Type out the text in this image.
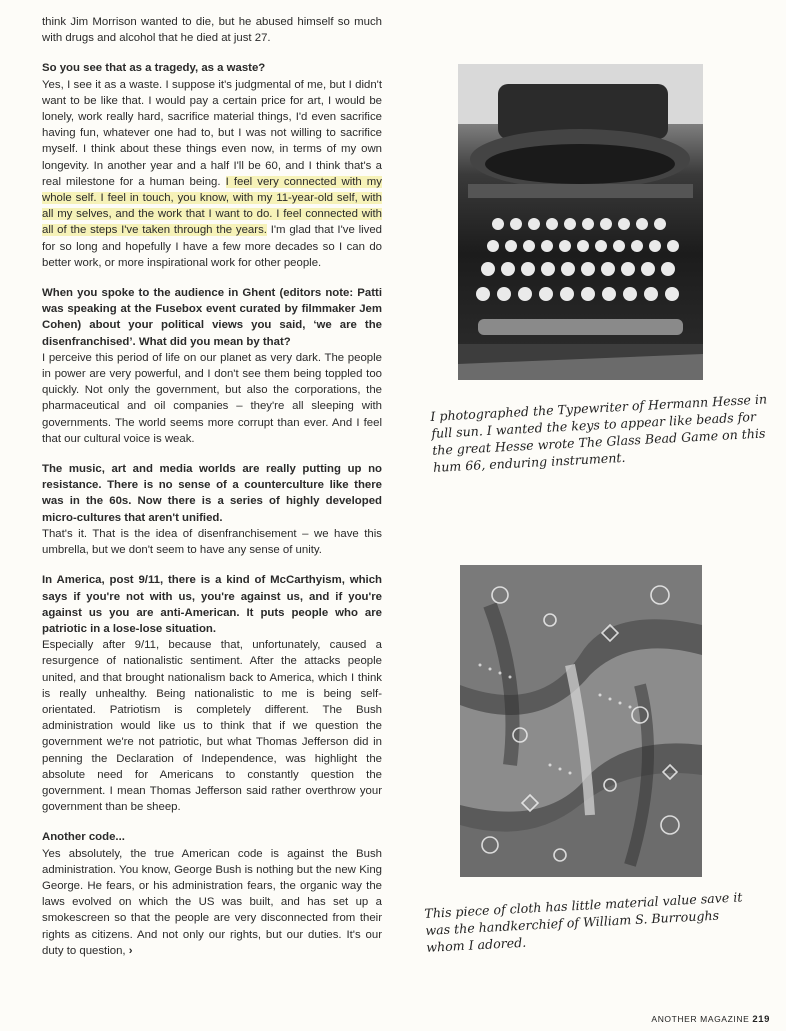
think Jim Morrison wanted to die, but he abused himself so much with drugs and alcohol that he died at just 27.

So you see that as a tragedy, as a waste?

Yes, I see it as a waste. I suppose it's judgmental of me, but I didn't want to be like that. I would pay a certain price for art, I would be lonely, work really hard, sacrifice material things, I'd even sacrifice having fun, whatever one had to, but I was not willing to sacrifice myself. I think about these things even now, in terms of my own longevity. In another year and a half I'll be 60, and I think that's a real milestone for a human being. I feel very connected with my whole self. I feel in touch, you know, with my 11-year-old self, with all my selves, and the work that I want to do. I feel connected with all of the steps I've taken through the years. I'm glad that I've lived for so long and hopefully I have a few more decades so I can do better work, or more inspirational work for other people.

When you spoke to the audience in Ghent (editors note: Patti was speaking at the Fusebox event curated by filmmaker Jem Cohen) about your political views you said, ‘we are the disenfranchised’. What did you mean by that?

I perceive this period of life on our planet as very dark. The people in power are very powerful, and I don't see them being toppled too quickly. Not only the government, but also the corporations, the pharmaceutical and oil companies – they're all sleeping with governments. The world seems more corrupt than ever. And I feel that our cultural voice is weak.

The music, art and media worlds are really putting up no resistance. There is no sense of a counterculture like there was in the 60s. Now there is a series of highly developed micro-cultures that aren't unified.

That's it. That is the idea of disenfranchisement – we have this umbrella, but we don't seem to have any sense of unity.

In America, post 9/11, there is a kind of McCarthyism, which says if you're not with us, you're against us, and if you're against us you are anti-American. It puts people who are patriotic in a lose-lose situation.

Especially after 9/11, because that, unfortunately, caused a resurgence of nationalistic sentiment. After the attacks people united, and that brought nationalism back to America, which I think is really unhealthy. Being nationalistic to me is being self-orientated. Patriotism is completely different. The Bush administration would like us to think that if we question the government we're not patriotic, but what Thomas Jefferson did in penning the Declaration of Independence, was highlight the absolute need for Americans to constantly question the government. I mean Thomas Jefferson said rather overthrow your government than be sheep.

Another code...

Yes absolutely, the true American code is against the Bush administration. You know, George Bush is nothing but the new King George. He fears, or his administration fears, the organic way the laws evolved on which the US was built, and has set up a smokescreen so that the people are very disconnected from their rights as citizens. And not only our rights, but our duties. It's our duty to question, ›

I photographed the Typewriter of Hermann Hesse in full sun. I wanted the keys to appear like beads for the great Hesse wrote The Glass Bead Game on this hum 66, enduring instrument.
This piece of cloth has little material value save it was the handkerchief of William S. Burroughs whom I adored.
ANOTHER MAGAZINE 219
